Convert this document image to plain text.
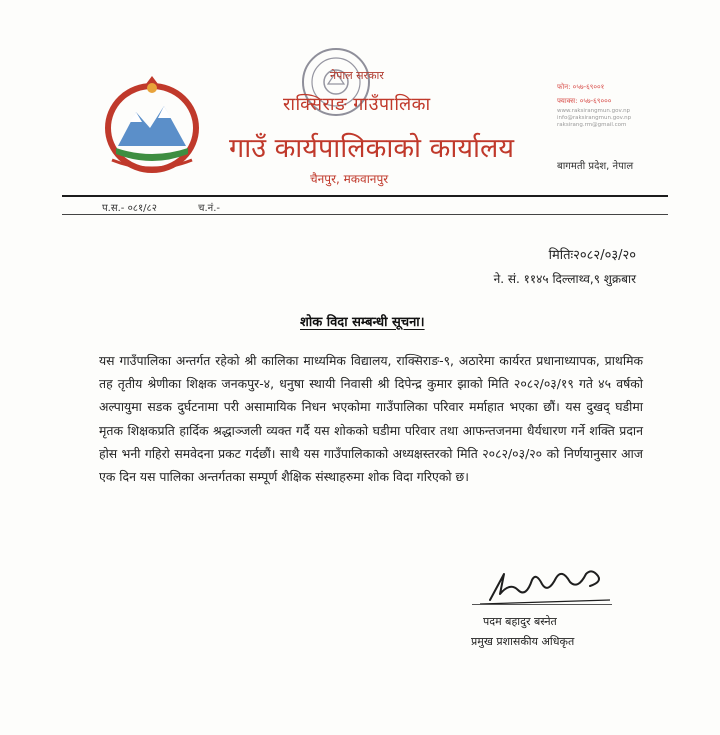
नेपाल सरकार
राक्सिराङ गाउँपालिका
गाउँ कार्यपालिकाको कार्यालय
चैनपुर, मकवानपुर
फोन: ०५७-६९००१
फ्याक्स: ०५७-६९०००
www.raksirangmun.gov.np
info@raksirangmun.gov.np
raksirang.rm@gmail.com
बागमती प्रदेश, नेपाल
प.स.- ०८१/८२	च.नं.-
मितिः२०८२/०३/२०
ने. सं. ११४५ दिल्लाथ्व,९ शुक्रबार
शोक विदा सम्बन्धी सूचना।
यस गाउँपालिका अन्तर्गत रहेको श्री कालिका माध्यमिक विद्यालय, राक्सिराङ-९, अठारेमा कार्यरत प्रधानाध्यापक, प्राथमिक तह तृतीय श्रेणीका शिक्षक जनकपुर-४, धनुषा स्थायी निवासी श्री दिपेन्द्र कुमार झाको मिति २०८२/०३/१९ गते ४५ वर्षको अल्पायुमा सडक दुर्घटनामा परी असामायिक निधन भएकोमा गाउँपालिका परिवार मर्माहात भएका छौं। यस दुखद् घडीमा मृतक शिक्षकप्रति हार्दिक श्रद्धाञ्जली व्यक्त गर्दै यस शोकको घडीमा परिवार तथा आफन्तजनमा धैर्यधारण गर्ने शक्ति प्रदान होस भनी गहिरो समवेदना प्रकट गर्दछौं। साथै यस गाउँपालिकाको अध्यक्षस्तरको मिति २०८२/०३/२० को निर्णयानुसार आज एक दिन यस पालिका अन्तर्गतका सम्पूर्ण शैक्षिक संस्थाहरुमा शोक विदा गरिएको छ।
पदम बहादुर बस्नेत
प्रमुख प्रशासकीय अधिकृत
